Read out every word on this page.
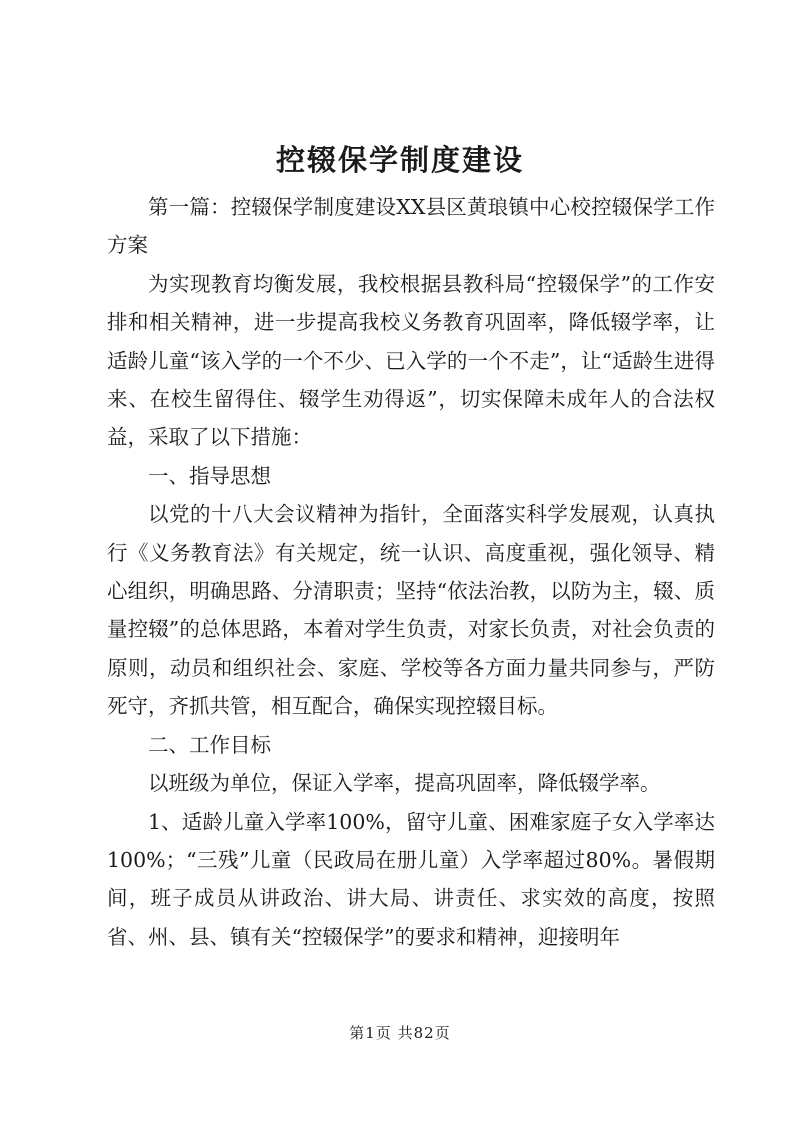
控辍保学制度建设

第一篇：控辍保学制度建设XX县区黄琅镇中心校控辍保学工作方案

为实现教育均衡发展，我校根据县教科局“控辍保学”的工作安排和相关精神，进一步提高我校义务教育巩固率，降低辍学率，让适龄儿童“该入学的一个不少、已入学的一个不走”，让“适龄生进得来、在校生留得住、辍学生劝得返”，切实保障未成年人的合法权益，采取了以下措施：

一、指导思想

以党的十八大会议精神为指针，全面落实科学发展观，认真执行《义务教育法》有关规定，统一认识、高度重视，强化领导、精心组织，明确思路、分清职责；坚持“依法治教，以防为主，辍、质量控辍”的总体思路，本着对学生负责，对家长负责，对社会负责的原则，动员和组织社会、家庭、学校等各方面力量共同参与，严防死守，齐抓共管，相互配合，确保实现控辍目标。

二、工作目标

以班级为单位，保证入学率，提高巩固率，降低辍学率。

1、适龄儿童入学率100%，留守儿童、困难家庭子女入学率达100%；“三残”儿童（民政局在册儿童）入学率超过80%。暑假期间，班子成员从讲政治、讲大局、讲责任、求实效的高度，按照省、州、县、镇有关“控辍保学”的要求和精神，迎接明年

第1页 共82页
